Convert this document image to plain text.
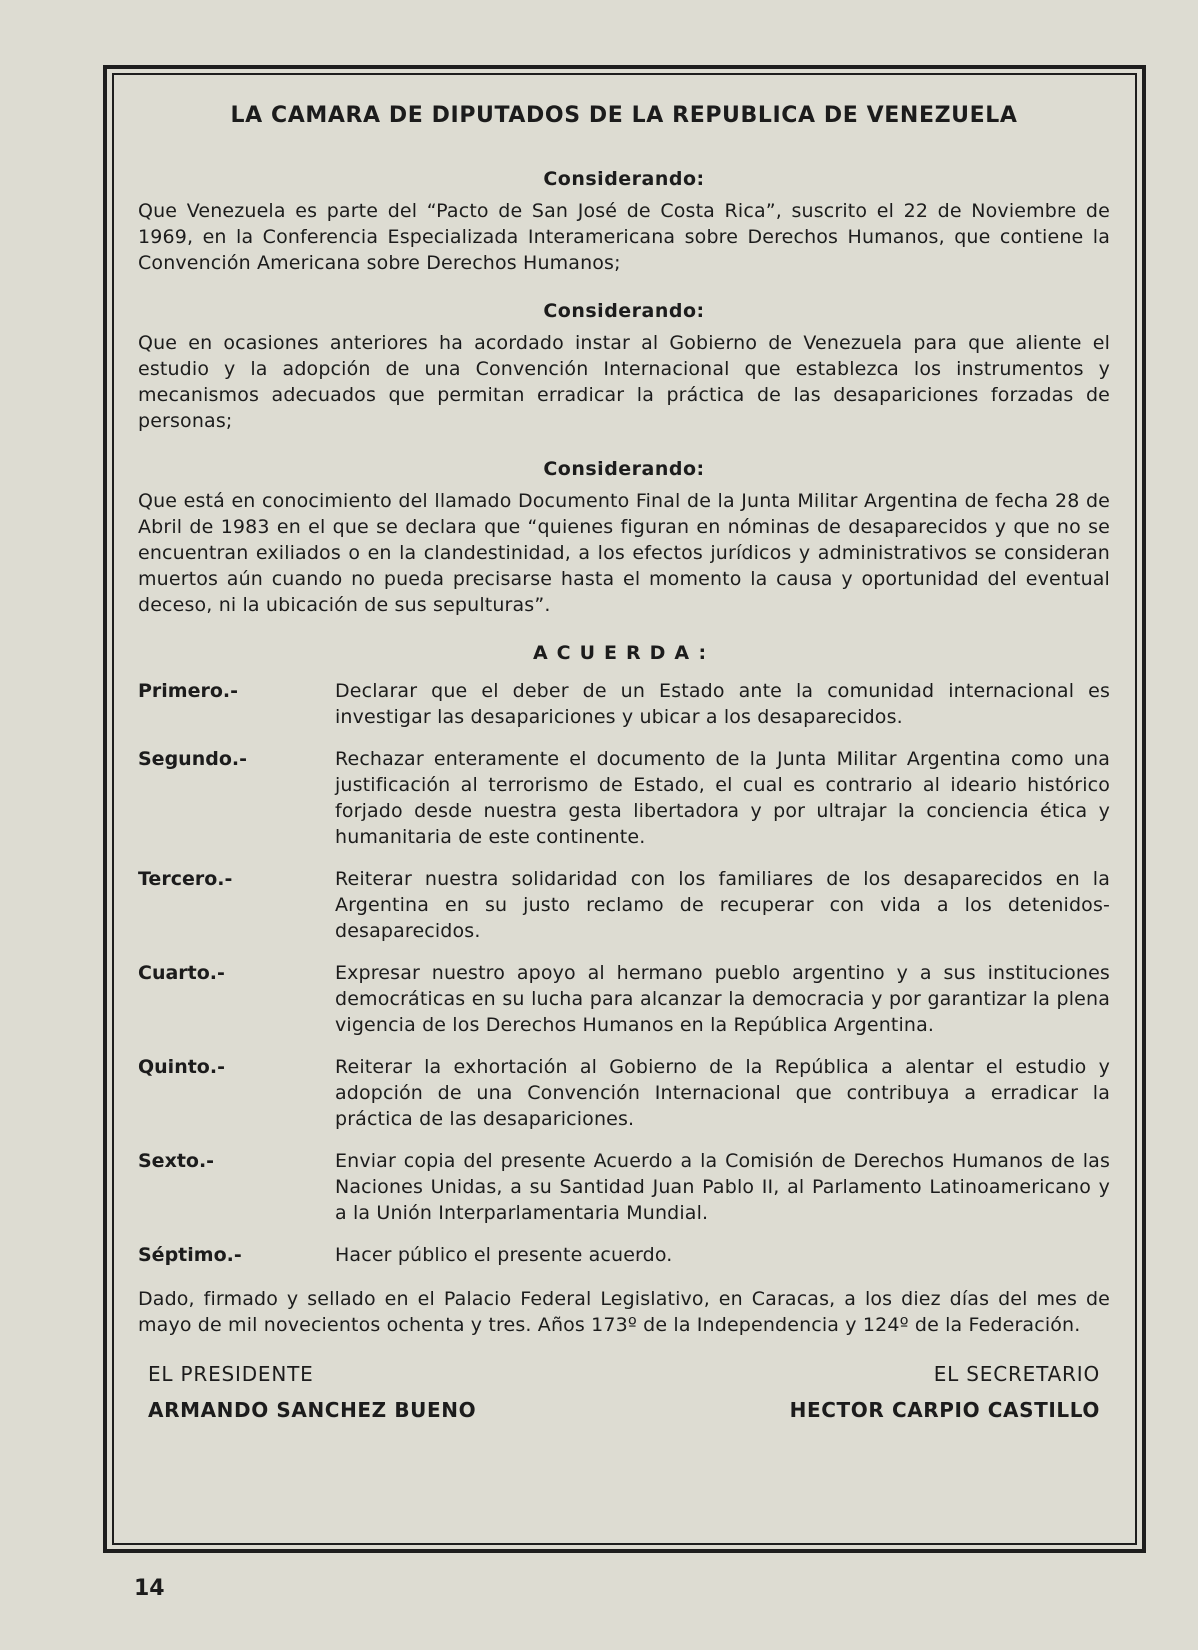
LA CAMARA DE DIPUTADOS DE LA REPUBLICA DE VENEZUELA
Considerando:
Que Venezuela es parte del “Pacto de San José de Costa Rica”, suscrito el 22 de Noviembre de 1969, en la Conferencia Especializada Interamericana sobre Derechos Humanos, que contiene la Convención Americana sobre Derechos Humanos;
Considerando:
Que en ocasiones anteriores ha acordado instar al Gobierno de Venezuela para que aliente el estudio y la adopción de una Convención Internacional que establezca los instrumentos y mecanismos adecuados que permitan erradicar la práctica de las desapariciones forzadas de personas;
Considerando:
Que está en conocimiento del llamado Documento Final de la Junta Militar Argentina de fecha 28 de Abril de 1983 en el que se declara que “quienes figuran en nóminas de desaparecidos y que no se encuentran exiliados o en la clandestinidad, a los efectos jurídicos y administrativos se consideran muertos aún cuando no pueda precisarse hasta el momento la causa y oportunidad del eventual deceso, ni la ubicación de sus sepulturas”.
ACUERDA:
Primero.-	Declarar que el deber de un Estado ante la comunidad internacional es investigar las desapariciones y ubicar a los desaparecidos.
Segundo.-	Rechazar enteramente el documento de la Junta Militar Argentina como una justificación al terrorismo de Estado, el cual es contrario al ideario histórico forjado desde nuestra gesta libertadora y por ultrajar la conciencia ética y humanitaria de este continente.
Tercero.-	Reiterar nuestra solidaridad con los familiares de los desaparecidos en la Argentina en su justo reclamo de recuperar con vida a los detenidos-desaparecidos.
Cuarto.-	Expresar nuestro apoyo al hermano pueblo argentino y a sus instituciones democráticas en su lucha para alcanzar la democracia y por garantizar la plena vigencia de los Derechos Humanos en la República Argentina.
Quinto.-	Reiterar la exhortación al Gobierno de la República a alentar el estudio y adopción de una Convención Internacional que contribuya a erradicar la práctica de las desapariciones.
Sexto.-	Enviar copia del presente Acuerdo a la Comisión de Derechos Humanos de las Naciones Unidas, a su Santidad Juan Pablo II, al Parlamento Latinoamericano y a la Unión Interparlamentaria Mundial.
Séptimo.-	Hacer público el presente acuerdo.
Dado, firmado y sellado en el Palacio Federal Legislativo, en Caracas, a los diez días del mes de mayo de mil novecientos ochenta y tres. Años 173º de la Independencia y 124º de la Federación.
EL PRESIDENTE	EL SECRETARIO
ARMANDO SANCHEZ BUENO	HECTOR CARPIO CASTILLO
14
